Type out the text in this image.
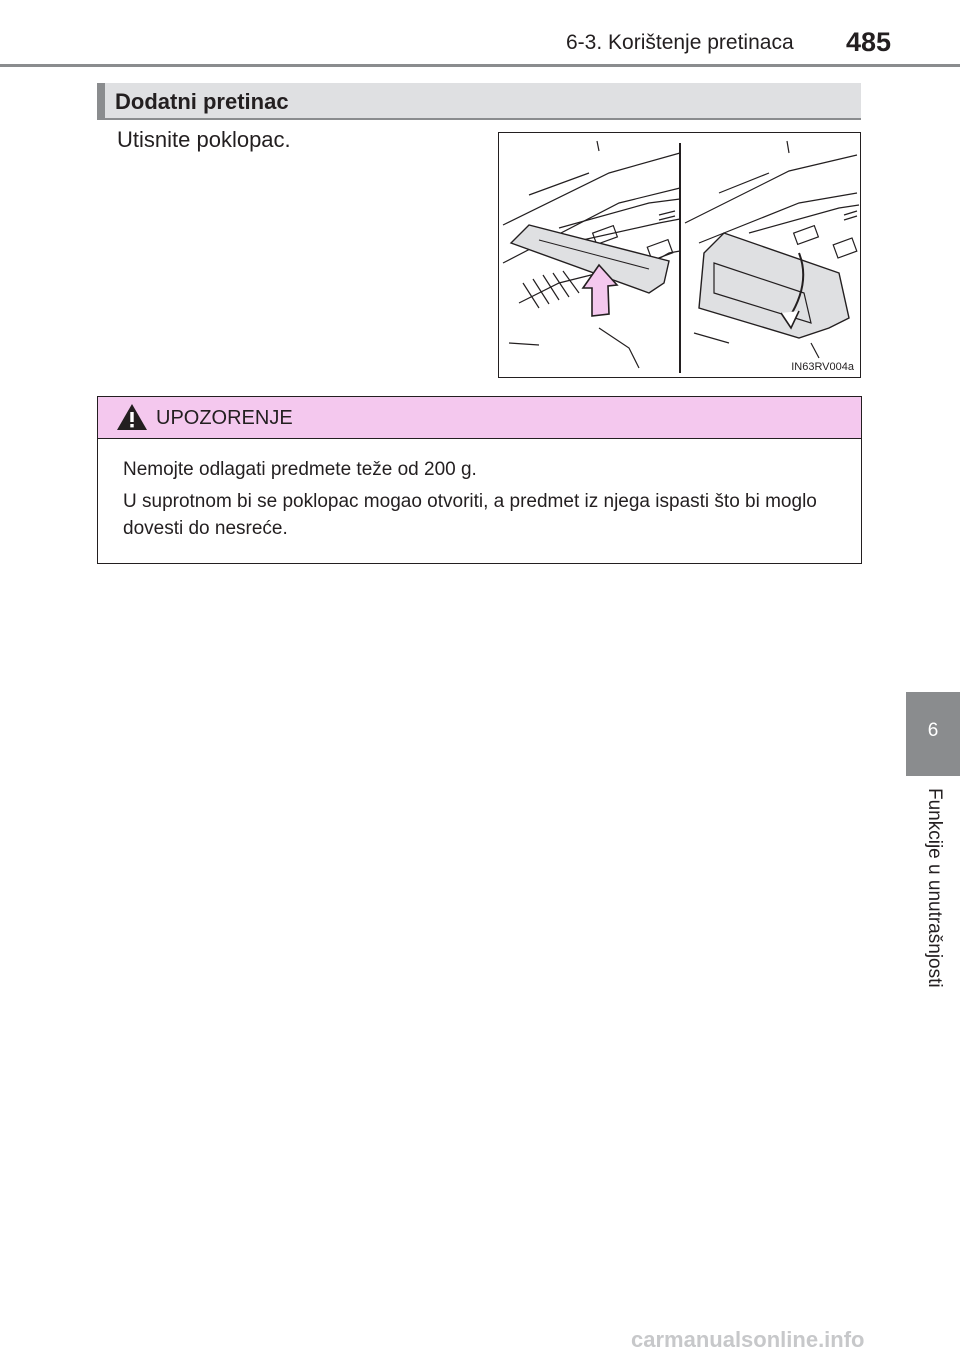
6-3. Korištenje pretinaca 485
Dodatni pretinac
Utisnite poklopac.
IN63RV004a
UPOZORENJE
Nemojte odlagati predmete teže od 200 g.
U suprotnom bi se poklopac mogao otvoriti, a predmet iz njega ispasti što bi moglo dovesti do nesreće.
6
Funkcije u unutrašnjosti
carmanualsonline.info
